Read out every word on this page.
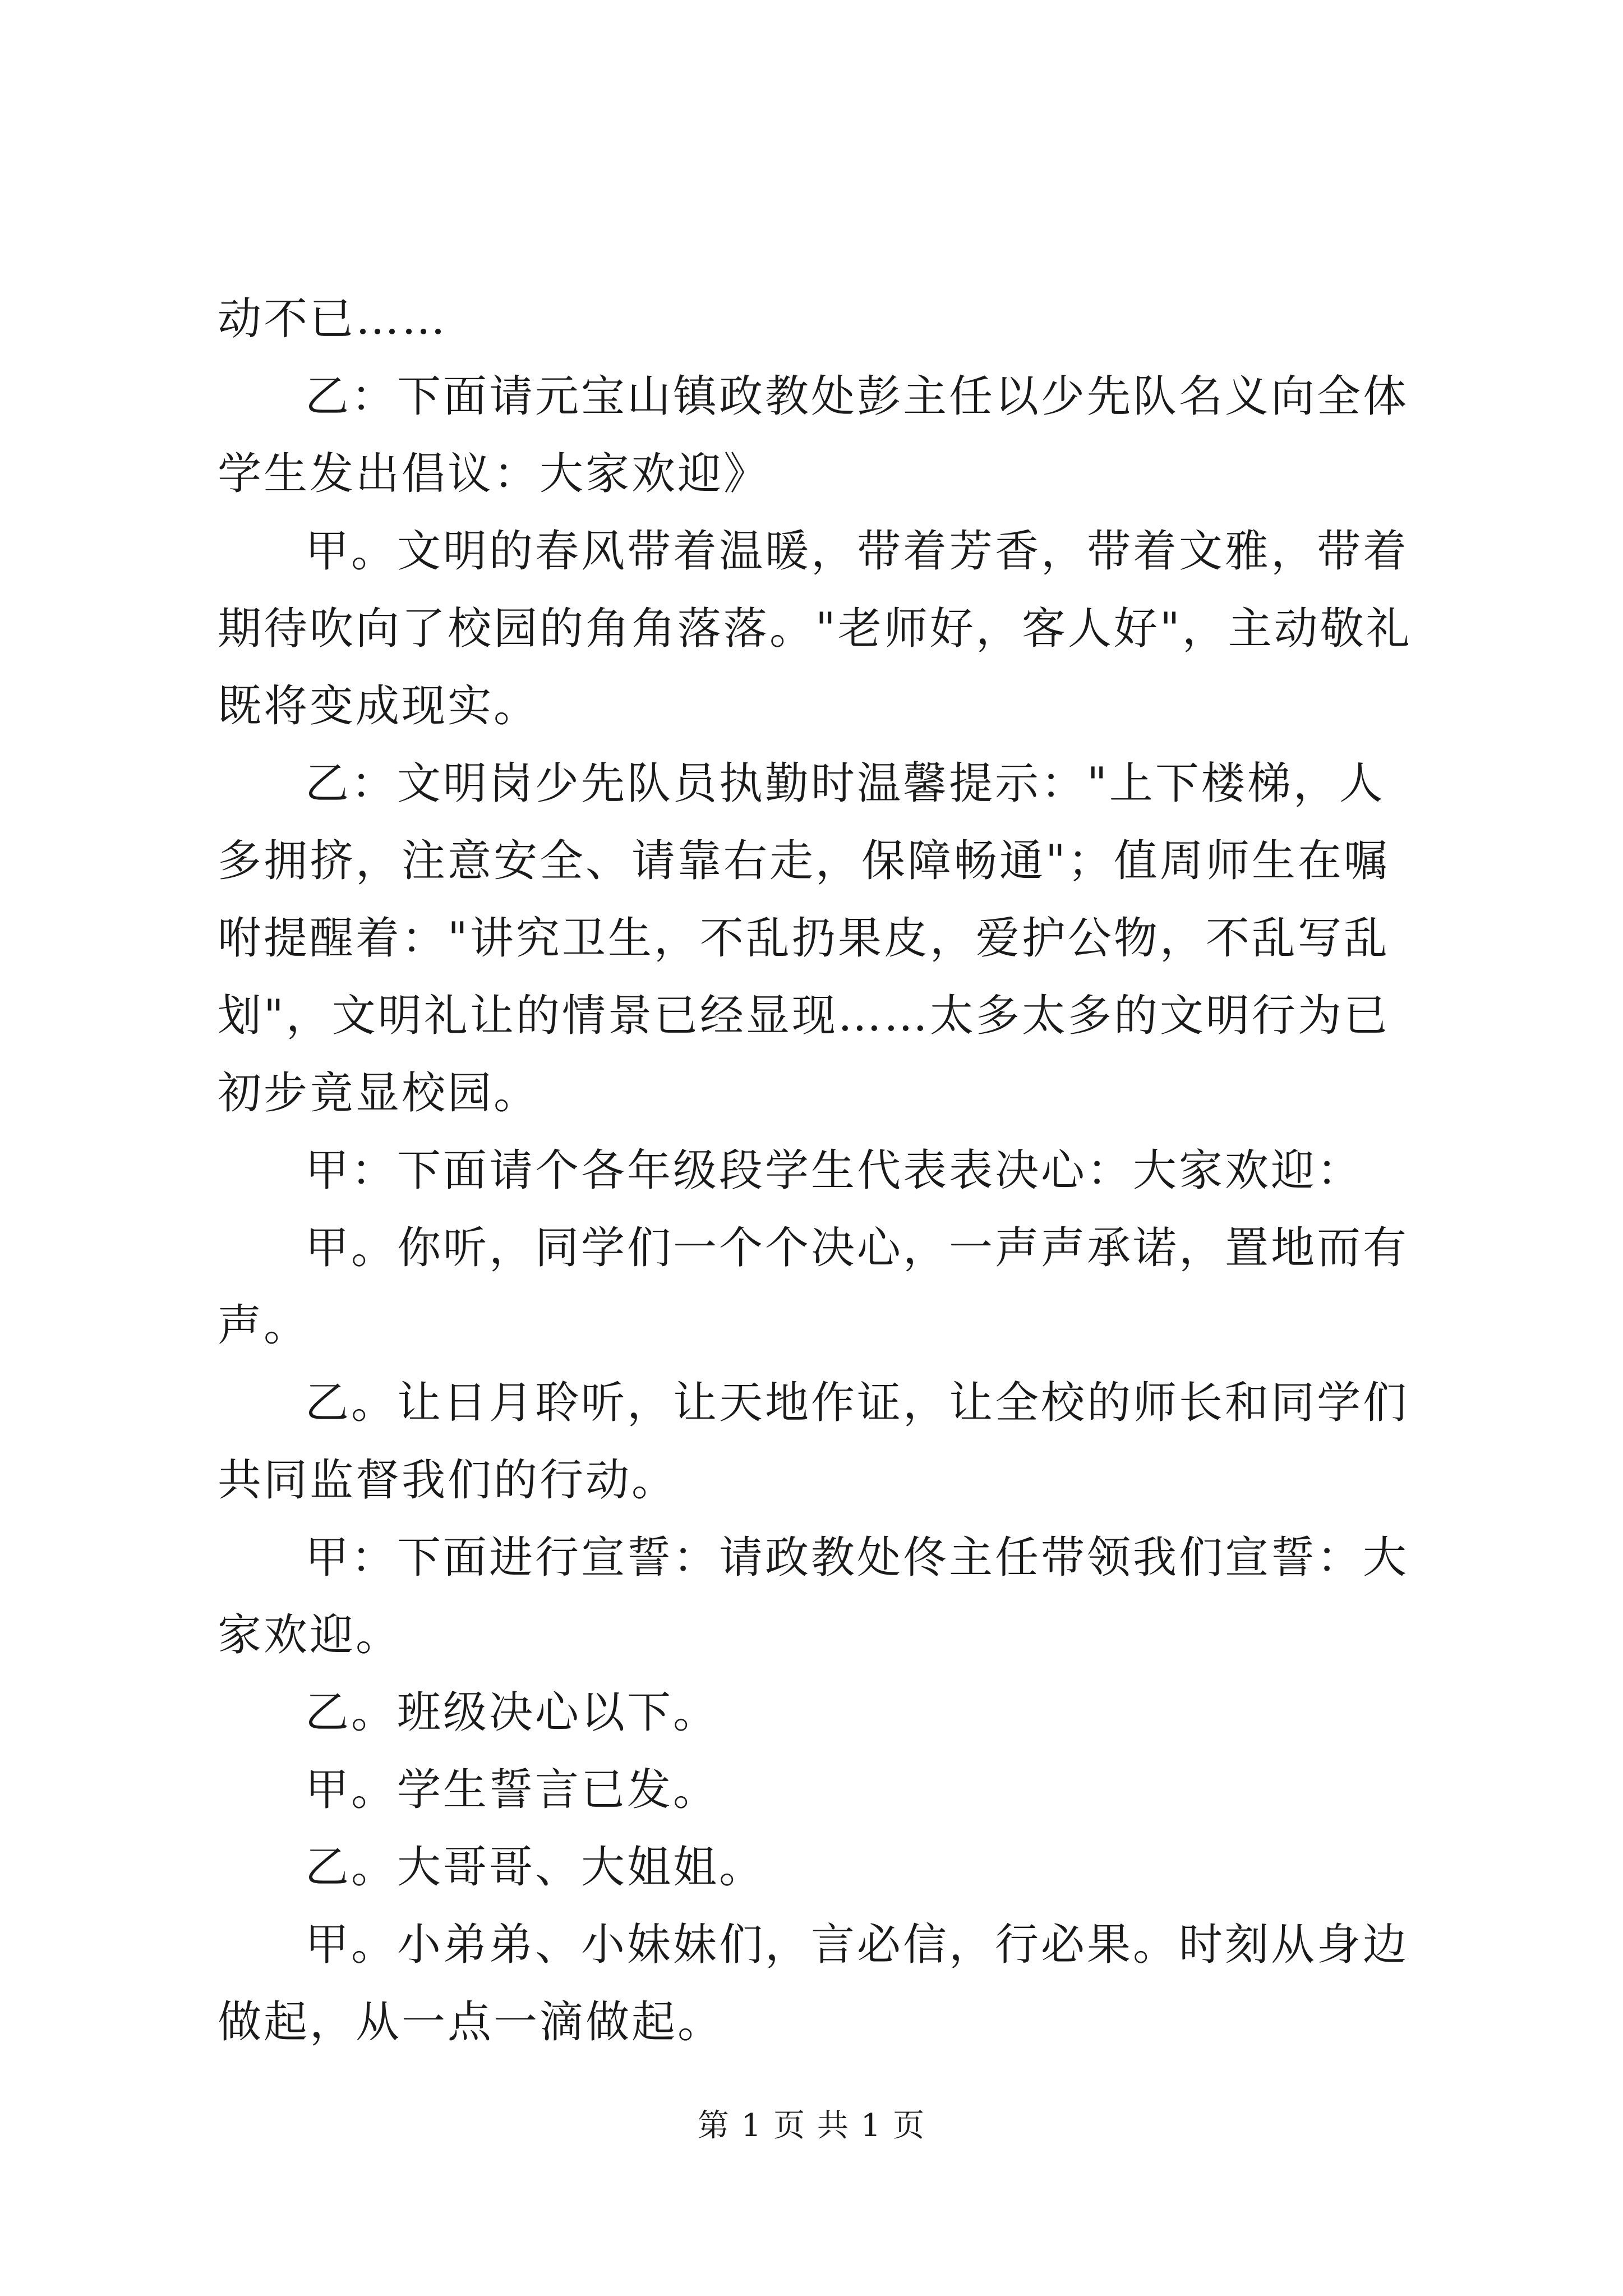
动不已……

乙：下面请元宝山镇政教处彭主任以少先队名义向全体学生发出倡议：大家欢迎》

甲。文明的春风带着温暖，带着芳香，带着文雅，带着期待吹向了校园的角角落落。"老师好，客人好"，主动敬礼既将变成现实。

乙：文明岗少先队员执勤时温馨提示："上下楼梯，人多拥挤，注意安全、请靠右走，保障畅通"；值周师生在嘱咐提醒着："讲究卫生，不乱扔果皮，爱护公物，不乱写乱划"，文明礼让的情景已经显现……太多太多的文明行为已初步竟显校园。

甲：下面请个各年级段学生代表表决心：大家欢迎：

甲。你听，同学们一个个决心，一声声承诺，置地而有声。

乙。让日月聆听，让天地作证，让全校的师长和同学们共同监督我们的行动。

甲：下面进行宣誓：请政教处佟主任带领我们宣誓：大家欢迎。

乙。班级决心以下。

甲。学生誓言已发。

乙。大哥哥、大姐姐。

甲。小弟弟、小妹妹们，言必信，行必果。时刻从身边做起，从一点一滴做起。

第 1 页 共 1 页
